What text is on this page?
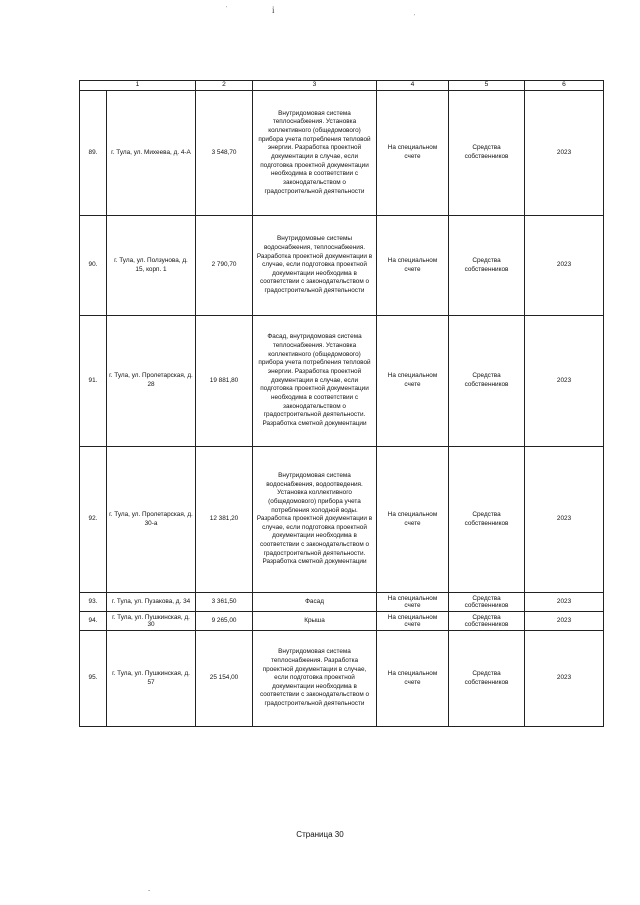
i
'
'
-
1		2	3	4	5	6
89.	г. Тула, ул. Михеева, д. 4-А	3 548,70	Внутридомовая система теплоснабжения. Установка коллективного (общедомового) прибора учета потребления тепловой энергии. Разработка проектной документации в случае, если подготовка проектной документации необходима в соответствии с законодательством о градостроительной деятельности	На специальном счете	Средства собственников	2023
90.	г. Тула, ул. Ползунова, д. 15, корп. 1	2 790,70	Внутридомовые системы водоснабжения, теплоснабжения. Разработка проектной документации в случае, если подготовка проектной документации необходима в соответствии с законодательством о градостроительной деятельности	На специальном счете	Средства собственников	2023
91.	г. Тула, ул. Пролетарская, д. 28	19 881,80	Фасад, внутридомовая система теплоснабжения. Установка коллективного (общедомового) прибора учета потребления тепловой энергии. Разработка проектной документации в случае, если подготовка проектной документации необходима в соответствии с законодательством о градостроительной деятельности. Разработка сметной документации	На специальном счете	Средства собственников	2023
92.	г. Тула, ул. Пролетарская, д. 30-а	12 381,20	Внутридомовая система водоснабжения, водоотведения. Установка коллективного (общедомового) прибора учета потребления холодной воды. Разработка проектной документации в случае, если подготовка проектной документации необходима в соответствии с законодательством о градостроительной деятельности. Разработка сметной документации	На специальном счете	Средства собственников	2023
93.	г. Тула, ул. Пузакова, д. 34	3 361,50	Фасад	На специальном счете	Средства собственников	2023
94.	г. Тула, ул. Пушкинская, д. 30	9 265,00	Крыша	На специальном счете	Средства собственников	2023
95.	г. Тула, ул. Пушкинская, д. 57	25 154,00	Внутридомовая система теплоснабжения. Разработка проектной документации в случае, если подготовка проектной документации необходима в соответствии с законодательством о градостроительной деятельности	На специальном счете	Средства собственников	2023
Страница 30
